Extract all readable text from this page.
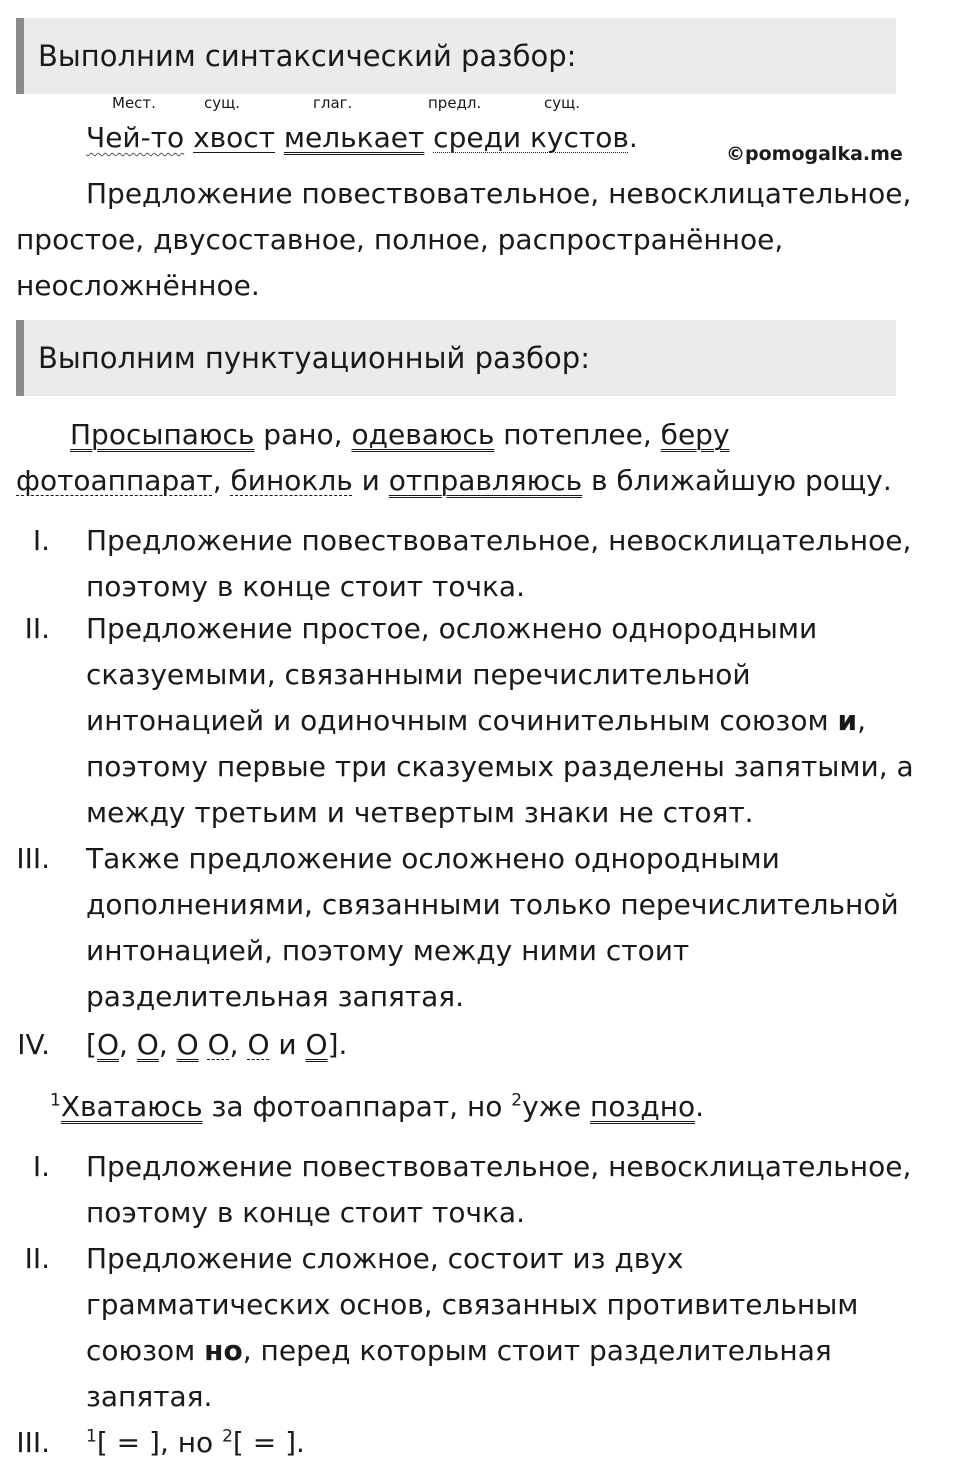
Выполним синтаксический разбор:
Мест.	сущ.	глаг.	предл.	сущ.
Чей-то хвост мелькает среди кустов.	©pomogalka.me
Предложение повествовательное, невосклицательное,
простое, двусоставное, полное, распространённое,
неосложнённое.
Выполним пунктуационный разбор:
Просыпаюсь рано, одеваюсь потеплее, беру
фотоаппарат, бинокль и отправляюсь в ближайшую рощу.
I. Предложение повествовательное, невосклицательное,
поэтому в конце стоит точка.
II. Предложение простое, осложнено однородными
сказуемыми, связанными перечислительной
интонацией и одиночным сочинительным союзом и,
поэтому первые три сказуемых разделены запятыми, а
между третьим и четвертым знаки не стоят.
III. Также предложение осложнено однородными
дополнениями, связанными только перечислительной
интонацией, поэтому между ними стоит
разделительная запятая.
IV. [О, О, О О, О и О].
$^1$Хватаюсь за фотоаппарат, но $^2$уже поздно.
I. Предложение повествовательное, невосклицательное,
поэтому в конце стоит точка.
II. Предложение сложное, состоит из двух
грамматических основ, связанных противительным
союзом но, перед которым стоит разделительная
запятая.
III. $^1$[ = ], но $^2$[ = ].
